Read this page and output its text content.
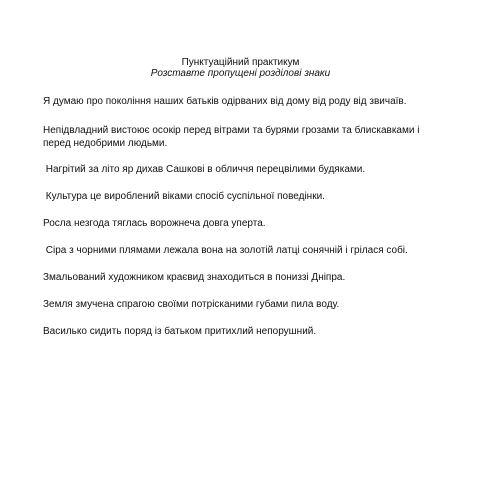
Пунктуаційний практикум
Розставте пропущені розділові знаки
Я думаю про покоління наших батьків одірваних від дому від роду від звичаїв.
Непідвладний вистоює осокір перед вітрами та бурями грозами та блискавками і перед недобрими людьми.
Нагрітий за літо яр дихав Сашкові в обличчя перецвілими будяками.
Культура це вироблений віками спосіб суспільної поведінки.
Росла незгода тяглась ворожнеча довга уперта.
Сіра з чорними плямами лежала вона на золотій латці сонячній і грілася собі.
Змальований художником краєвид знаходиться в пониззі Дніпра.
Земля змучена спрагою своїми потрісканими губами пила воду.
Василько сидить поряд із батьком притихлий непорушний.
